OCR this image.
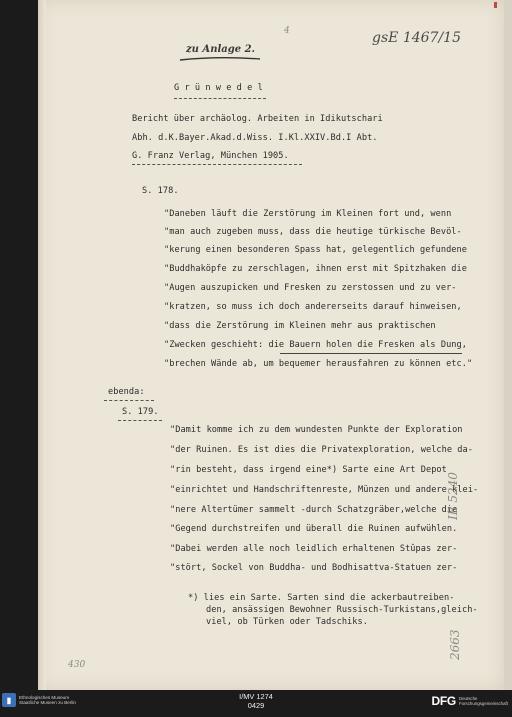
zu Anlage 2.
4	gsE 1467/15
G r ü n w e d e l
Bericht über archäolog. Arbeiten in Idikutschari
Abh. d.K.Bayer.Akad.d.Wiss. I.Kl.XXIV.Bd.I Abt.
G. Franz Verlag, München 1905.
S. 178.
"Daneben läuft die Zerstörung im Kleinen fort und, wenn
"man auch zugeben muss, dass die heutige türkische Bevöl-
"kerung einen besonderen Spass hat, gelegentlich gefundene
"Buddhaköpfe zu zerschlagen, ihnen erst mit Spitzhaken die
"Augen auszupicken und Fresken zu zerstossen und zu ver-
"kratzen, so muss ich doch andererseits darauf hinweisen,
"dass die Zerstörung im Kleinen mehr aus praktischen
"Zwecken geschieht: die Bauern holen die Fresken als Dung,
"brechen Wände ab, um bequemer herausfahren zu können etc."
ebenda:
S. 179.
"Damit komme ich zu dem wundesten Punkte der Exploration
"der Ruinen. Es ist dies die Privatexploration, welche da-
"rin besteht, dass irgend eine*) Sarte eine Art Depot
"einrichtet und Handschriftenreste, Münzen und andere klei-
"nere Altertümer sammelt -durch Schatzgräber,welche die
"Gegend durchstreifen und überall die Ruinen aufwühlen.
"Dabei werden alle noch leidlich erhaltenen Stûpas zer-
"stört, Sockel von Buddha- und Bodhisattva-Statuen zer-
*) lies ein Sarte. Sarten sind die ackerbautreiben-
den, ansässigen Bewohner Russisch-Turkistans,gleich-
viel, ob Türken oder Tadschiks.
IB 5240
2663
430
▮	Ethnologisches Museum
Staatliche Museen zu Berlin
I/MV 1274
0429	DFG Deutsche
Forschungsgemeinschaft
